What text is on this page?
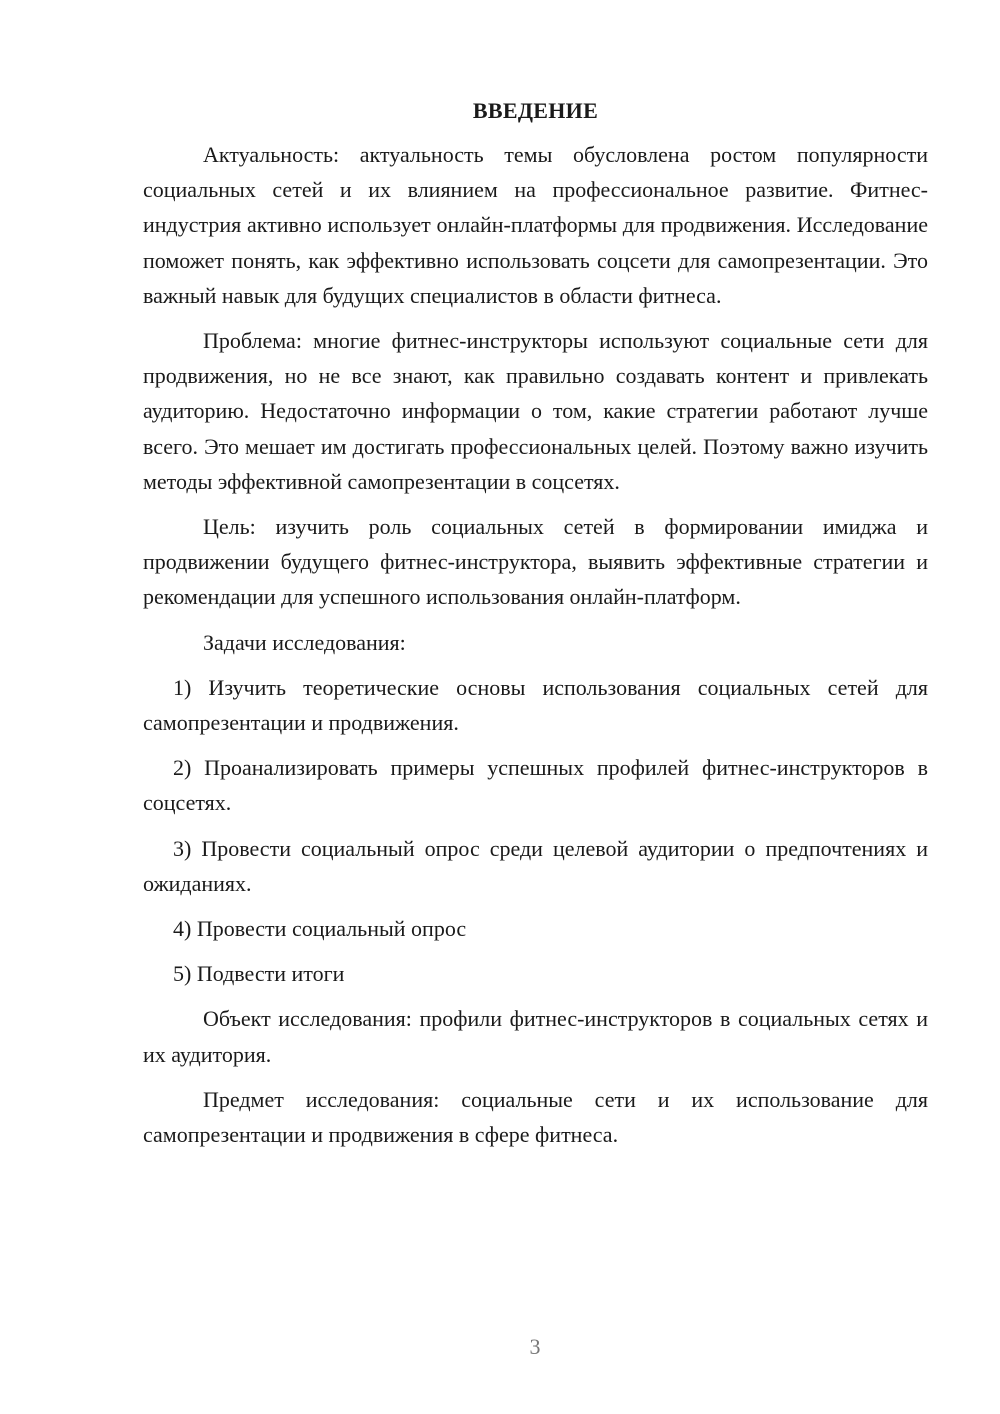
ВВЕДЕНИЕ

Актуальность: актуальность темы обусловлена ростом популярности социальных сетей и их влиянием на профессиональное развитие. Фитнес-индустрия активно использует онлайн-платформы для продвижения. Исследование поможет понять, как эффективно использовать соцсети для самопрезентации. Это важный навык для будущих специалистов в области фитнеса.

Проблема: многие фитнес-инструкторы используют социальные сети для продвижения, но не все знают, как правильно создавать контент и привлекать аудиторию. Недостаточно информации о том, какие стратегии работают лучше всего. Это мешает им достигать профессиональных целей. Поэтому важно изучить методы эффективной самопрезентации в соцсетях.

Цель: изучить роль социальных сетей в формировании имиджа и продвижении будущего фитнес-инструктора, выявить эффективные стратегии и рекомендации для успешного использования онлайн-платформ.

Задачи исследования:

1) Изучить теоретические основы использования социальных сетей для самопрезентации и продвижения.

2) Проанализировать примеры успешных профилей фитнес-инструкторов в соцсетях.

3) Провести социальный опрос среди целевой аудитории о предпочтениях и ожиданиях.

4) Провести социальный опрос

5) Подвести итоги

Объект исследования: профили фитнес-инструкторов в социальных сетях и их аудитория.

Предмет исследования: социальные сети и их использование для самопрезентации и продвижения в сфере фитнеса.

3
